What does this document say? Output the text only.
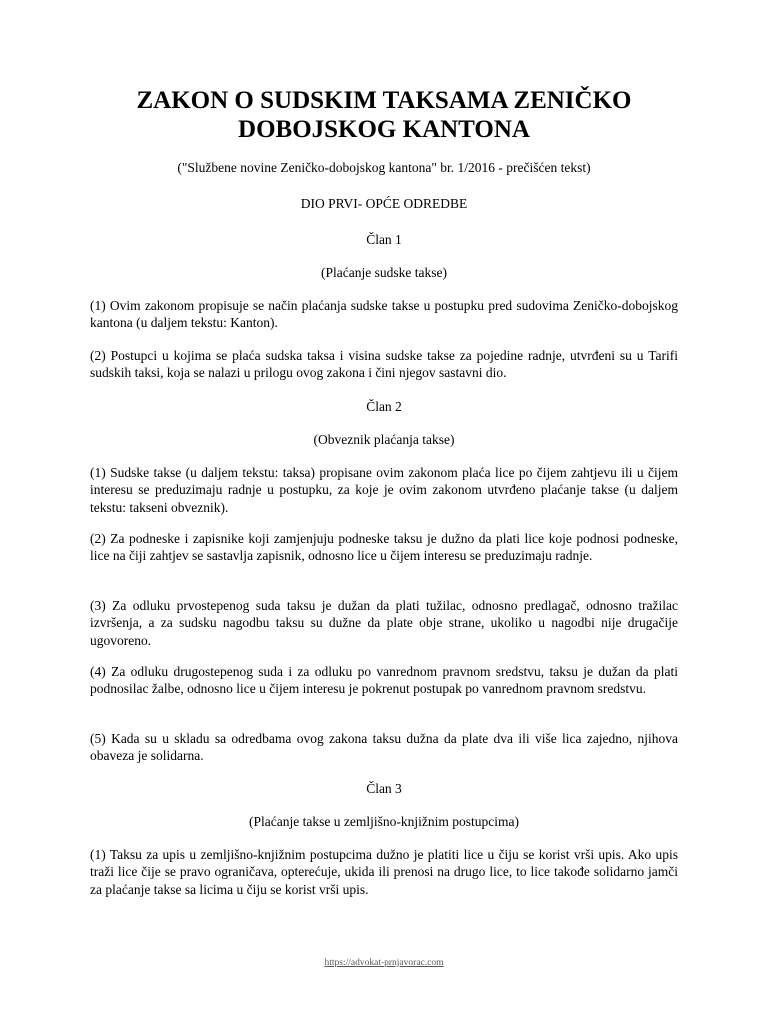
ZAKON O SUDSKIM TAKSAMA ZENIČKO
DOBOJSKOG KANTONA
("Službene novine Zeničko-dobojskog kantona" br. 1/2016 - prečišćen tekst)
DIO PRVI- OPĆE ODREDBE
Član 1
(Plaćanje sudske takse)

(1) Ovim zakonom propisuje se način plaćanja sudske takse u postupku pred sudovima Zeničko-dobojskog kantona (u daljem tekstu: Kanton).

(2) Postupci u kojima se plaća sudska taksa i visina sudske takse za pojedine radnje, utvrđeni su u Tarifi sudskih taksi, koja se nalazi u prilogu ovog zakona i čini njegov sastavni dio.

Član 2
(Obveznik plaćanja takse)

(1) Sudske takse (u daljem tekstu: taksa) propisane ovim zakonom plaća lice po čijem zahtjevu ili u čijem interesu se preduzimaju radnje u postupku, za koje je ovim zakonom utvrđeno plaćanje takse (u daljem tekstu: takseni obveznik).

(2) Za podneske i zapisnike koji zamjenjuju podneske taksu je dužno da plati lice koje podnosi podneske, lice na čiji zahtjev se sastavlja zapisnik, odnosno lice u čijem interesu se preduzimaju radnje.

(3) Za odluku prvostepenog suda taksu je dužan da plati tužilac, odnosno predlagač, odnosno tražilac izvršenja, a za sudsku nagodbu taksu su dužne da plate obje strane, ukoliko u nagodbi nije drugačije ugovoreno.

(4) Za odluku drugostepenog suda i za odluku po vanrednom pravnom sredstvu, taksu je dužan da plati podnosilac žalbe, odnosno lice u čijem interesu je pokrenut postupak po vanrednom pravnom sredstvu.

(5) Kada su u skladu sa odredbama ovog zakona taksu dužna da plate dva ili više lica zajedno, njihova obaveza je solidarna.

Član 3
(Plaćanje takse u zemljišno-knjižnim postupcima)

(1) Taksu za upis u zemljišno-knjižnim postupcima dužno je platiti lice u čiju se korist vrši upis. Ako upis traži lice čije se pravo ograničava, opterećuje, ukida ili prenosi na drugo lice, to lice takođe solidarno jamči za plaćanje takse sa licima u čiju se korist vrši upis.

https://advokat-prnjavorac.com
